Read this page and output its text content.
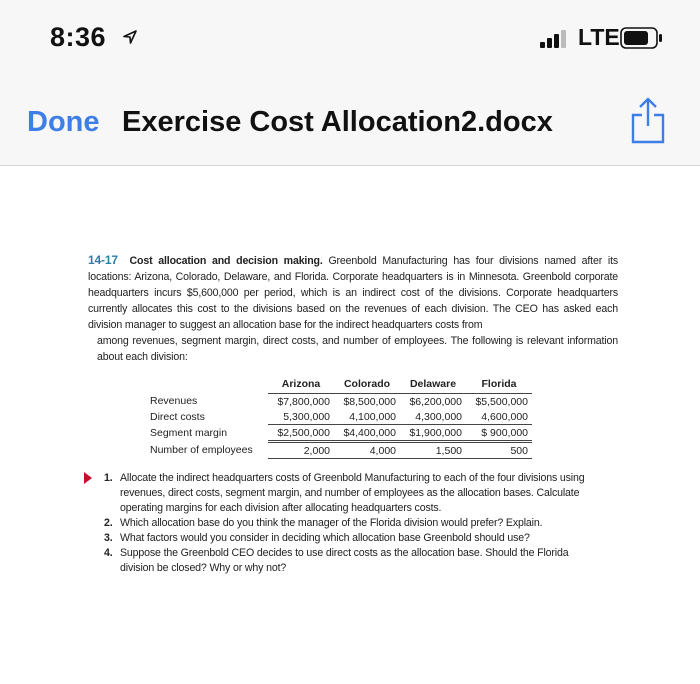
8:36	LTE
Done Exercise Cost Allocation2.docx

14-17 Cost allocation and decision making. Greenbold Manufacturing has four divisions named after its locations: Arizona, Colorado, Delaware, and Florida. Corporate headquarters is in Minnesota. Greenbold corporate headquarters incurs $5,600,000 per period, which is an indirect cost of the divisions. Corporate headquarters currently allocates this cost to the divisions based on the revenues of each division. The CEO has asked each division manager to suggest an allocation base for the indirect headquarters costs from

among revenues, segment margin, direct costs, and number of employees. The following is relevant information about each division:

	Arizona	Colorado	Delaware	Florida
Revenues	$7,800,000	$8,500,000	$6,200,000	$5,500,000
Direct costs	5,300,000	4,100,000	4,300,000	4,600,000
Segment margin	$2,500,000	$4,400,000	$1,900,000	$ 900,000
Number of employees	2,000	4,000	1,500	500
1. Allocate the indirect headquarters costs of Greenbold Manufacturing to each of the four divisions using revenues, direct costs, segment margin, and number of employees as the allocation bases. Calculate operating margins for each division after allocating headquarters costs.
2. Which allocation base do you think the manager of the Florida division would prefer? Explain.
3. What factors would you consider in deciding which allocation base Greenbold should use?
4. Suppose the Greenbold CEO decides to use direct costs as the allocation base. Should the Florida division be closed? Why or why not?
